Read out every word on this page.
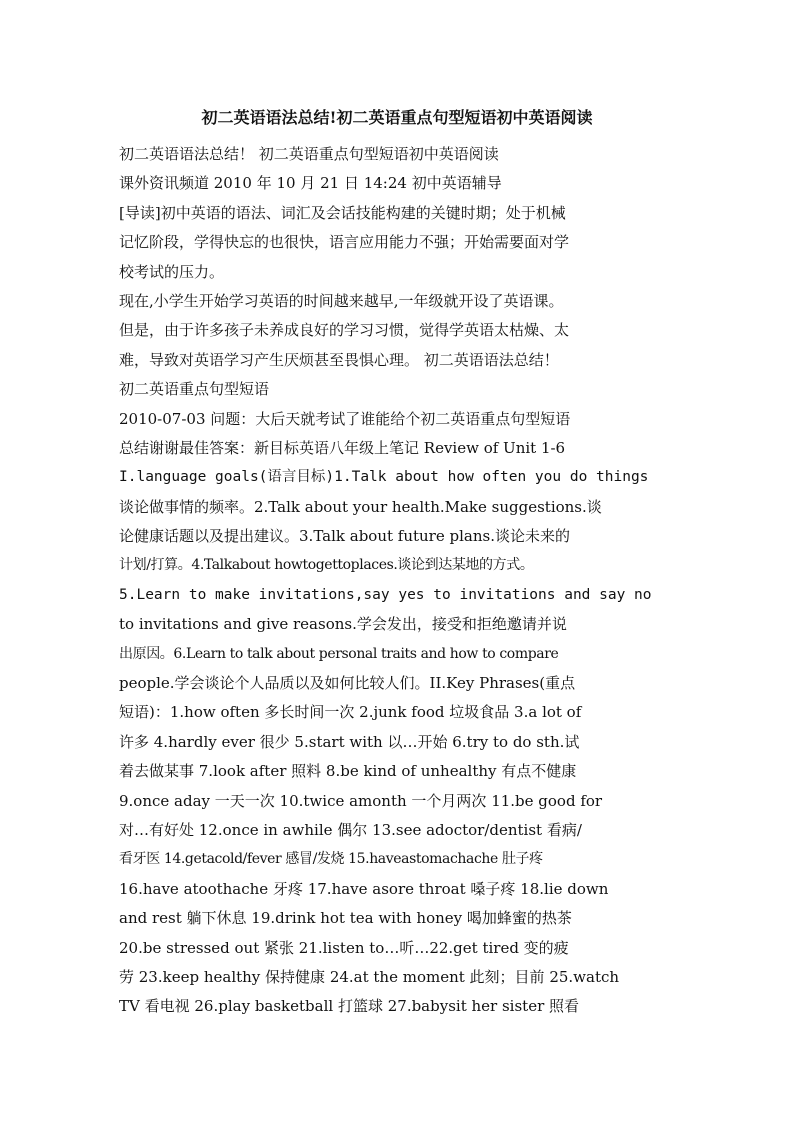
初二英语语法总结!初二英语重点句型短语初中英语阅读
初二英语语法总结！ 初二英语重点句型短语初中英语阅读
课外资讯频道 2010 年 10 月 21 日 14:24 初中英语辅导
[导读]初中英语的语法、词汇及会话技能构建的关键时期；处于机械
记忆阶段，学得快忘的也很快，语言应用能力不强；开始需要面对学
校考试的压力。
现在,小学生开始学习英语的时间越来越早,一年级就开设了英语课。
但是，由于许多孩子未养成良好的学习习惯，觉得学英语太枯燥、太
难，导致对英语学习产生厌烦甚至畏惧心理。 初二英语语法总结！
初二英语重点句型短语
2010-07-03 问题：大后天就考试了谁能给个初二英语重点句型短语
总结谢谢最佳答案：新目标英语八年级上笔记 Review of Unit 1-6
I.language goals(语言目标)1.Talk about how often you do things
谈论做事情的频率。2.Talk about your health.Make suggestions.谈
论健康话题以及提出建议。3.Talk about future plans.谈论未来的
计划/打算。4.Talkabout howtogettoplaces.谈论到达某地的方式。
5.Learn to make invitations,say yes to invitations and say no
to invitations and give reasons.学会发出，接受和拒绝邀请并说
出原因。6.Learn to talk about personal traits and how to compare
people.学会谈论个人品质以及如何比较人们。II.Key Phrases(重点
短语)：1.how often 多长时间一次 2.junk food 垃圾食品 3.a lot of
许多 4.hardly ever 很少 5.start with 以…开始 6.try to do sth.试
着去做某事 7.look after 照料 8.be kind of unhealthy 有点不健康
9.once aday 一天一次 10.twice amonth 一个月两次 11.be good for
对…有好处 12.once in awhile 偶尔 13.see adoctor/dentist 看病/
看牙医 14.getacold/fever 感冒/发烧 15.haveastomachache 肚子疼
16.have atoothache 牙疼 17.have asore throat 嗓子疼 18.lie down
and rest 躺下休息 19.drink hot tea with honey 喝加蜂蜜的热茶
20.be stressed out 紧张 21.listen to…听…22.get tired 变的疲
劳 23.keep healthy 保持健康 24.at the moment 此刻；目前 25.watch
TV 看电视 26.play basketball 打篮球 27.babysit her sister 照看
